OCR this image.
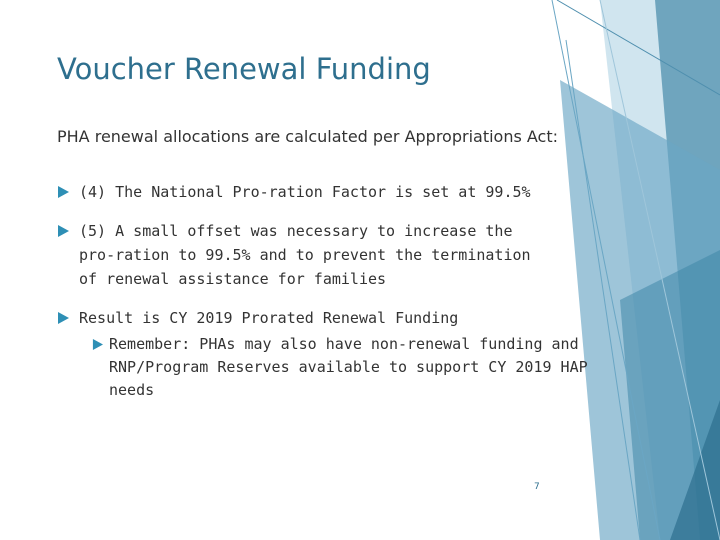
Voucher Renewal Funding

PHA renewal allocations are calculated per Appropriations Act:

(4) The National Pro-ration Factor is set at 99.5%
(5) A small offset was necessary to increase the pro-ration to 99.5% and to prevent the termination of renewal assistance for families
Result is CY 2019 Prorated Renewal Funding
Remember: PHAs may also have non-renewal funding and RNP/Program Reserves available to support CY 2019 HAP needs
7
